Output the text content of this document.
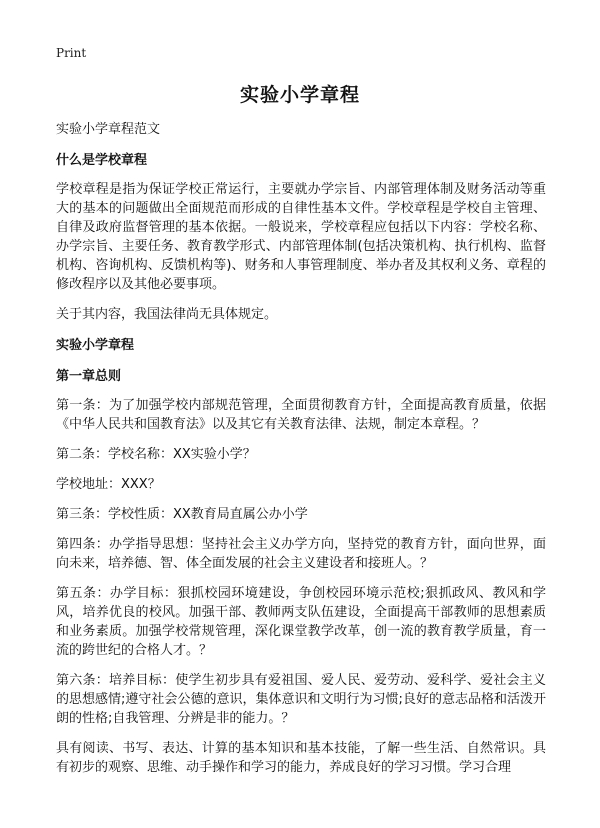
Print
实验小学章程
实验小学章程范文
什么是学校章程

学校章程是指为保证学校正常运行，主要就办学宗旨、内部管理体制及财务活动等重大的基本的问题做出全面规范而形成的自律性基本文件。学校章程是学校自主管理、自律及政府监督管理的基本依据。一般说来，学校章程应包括以下内容：学校名称、办学宗旨、主要任务、教育教学形式、内部管理体制(包括决策机构、执行机构、监督机构、咨询机构、反馈机构等)、财务和人事管理制度、举办者及其权利义务、章程的修改程序以及其他必要事项。

关于其内容，我国法律尚无具体规定。

实验小学章程
第一章总则

第一条：为了加强学校内部规范管理，全面贯彻教育方针，全面提高教育质量，依据《中华人民共和国教育法》以及其它有关教育法律、法规，制定本章程。？

第二条：学校名称：XX实验小学？

学校地址：XXX？

第三条：学校性质：XX教育局直属公办小学

第四条：办学指导思想：坚持社会主义办学方向，坚持党的教育方针，面向世界，面向未来，培养德、智、体全面发展的社会主义建设者和接班人。？

第五条：办学目标：狠抓校园环境建设，争创校园环境示范校;狠抓政风、教风和学风，培养优良的校风。加强干部、教师两支队伍建设，全面提高干部教师的思想素质和业务素质。加强学校常规管理，深化课堂教学改革，创一流的教育教学质量，育一流的跨世纪的合格人才。？

第六条：培养目标：使学生初步具有爱祖国、爱人民、爱劳动、爱科学、爱社会主义的思想感情;遵守社会公德的意识，集体意识和文明行为习惯;良好的意志品格和活泼开朗的性格;自我管理、分辨是非的能力。？

具有阅读、书写、表达、计算的基本知识和基本技能，了解一些生活、自然常识。具有初步的观察、思维、动手操作和学习的能力，养成良好的学习习惯。学习合理
